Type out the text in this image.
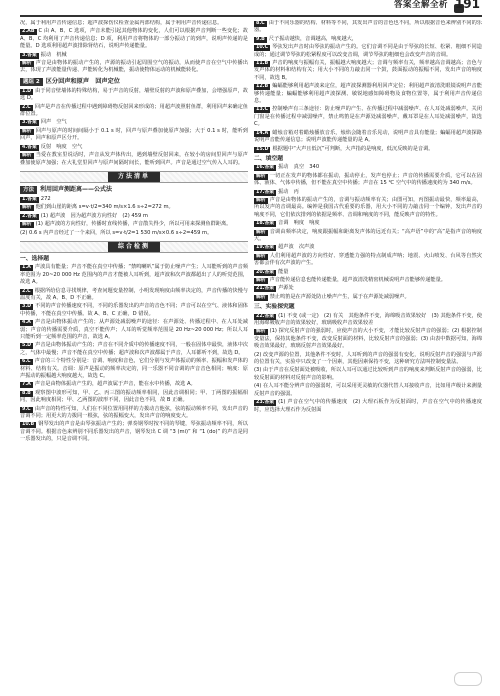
答案全解全析 191

况，属于利用声音传递信息；超声波探伤仪检查金属内部结构，属于利用声音传递信息。

2.AB C 由 A、B、C 选项，声音未能引起其他物体的变化，人们可以根据声音判断一些变化；故 A、B、C 均利用了声音传递信息；D 项，利用声音将物体的一部分振动了的到声，说明声传递的是能量。D 选项利用超声波排除肾结石，说明声传递能量。

3.答案 振动　机械

解析 声音是由物体的振动产生的，声源的振动引起周围空气的振动，从而使声音在空气中传播出去，体现了声波能量传递、声能转化为机械能，振动使物体运动的机械能转化。

题组 2 区分回声和原声　回声定位

1.D 由于同音壁墙体的特殊结构，易于声音的反射，墙壁反射的声波和原声叠加，会增强原声，故选 D。

2.C 回声是声音在传播过程中遇到障碍物反射回来形成的；用超声波照射鱼群，利用回声来确定鱼群位置。

3.答案 回声　空气

解析 回声与原声的时间间隔小于 0.1 s 时，回声与原声叠加使原声加强；大于 0.1 s 时，能听到回声，回声和原声区分开。

4.答案 反射　响度　空气

解析 当爱在教室里说话时，声音从发声体传出，遇到墙壁反射回来，在较小的房间里回声与原声叠加使原声加强；在大礼堂里回声与原声间隔时间长，能听到回声。声音是通过空气传入人耳的。

方法清单
方法 利用回声测距离——公式法

1.答案 272

解析 他们到山崖的距离 s=v·t/2=340 m/s×1.6 s÷2=272 m。

2.答案 (1) 超声波　因为超声波方向性好　(2) 459 m

解析 (1) 超声波的方向性好，传播时直线传播，声音散失得少，所以可用来探测鱼群距离。

(2) 0.6 s 内声音经过了一个来回，所以 s=v·t/2=1 530 m/s×0.6 s÷2=459 m。

综合检测
一、选择题

1.A 声波具有能量；声音不能在真空中传播；“禁鸣喇叭”属于防止噪声产生；人耳能听到的声音频率范围为 20~20 000 Hz 范围内的声音才能被人耳听到，超声波和次声波都超出了人的听觉范围，故选 A。

2.C 根据所给信息寻找规律，考查问题变量控制，小明发现响度由频率决定的，声音传播的快慢与温度有关，故 A、B、D 不正确。

3.D 不同的声音传播速度不同，不同的乐器发出的声音的音色不同；声音可以在空气、液体和固体中传播，不能在真空中传播。故 A、B、C 正确，D 错误。

4.A 声音是由物体振动产生的；从声源处减弱噪声的途径：在声源处、传播过程中、在人耳处减弱；声音的传播需要介质，真空不能传声；人耳的听觉频率范围是 20 Hz~20 000 Hz；所以人耳只能听到一定频率范围的声音，故选 A。

5.D 声音是由物体振动产生的；声音在不同介质中的传播速度不同，一般在固体中最快，液体中次之，气体中最慢；声音不能在真空中传播；超声波和次声波都属于声音，人耳都听不到，故选 D。

6.C 声音的三个特性分别是：音调、响度和音色，它们分别与发声体振动的频率、振幅和发声体的材料、结构有关。音调：原声是振动的频率决定的，同一乐器不同音调的声音音色相同；响度：原声振动的振幅越大响度越大，故选 C。

7.A 声音是由物体振动产生的，超声波属于声音，能在水中传播，故选 A。

8.B 观察图中波形可知，甲、乙、丙三图的振动频率相同，因此音调相同；甲、丁两图的振幅相同，因此响度相同；甲、乙两图的波形不同，因此音色不同，故 B 正确。

9.C 由声音的特性可知，人们在不同位置用同样的力拨动吉他弦，弦的振动频率不同，发出声音的音调不同；用更大的力拨同一根弦，弦的振幅变大，发出声音的响度变大。

10.B 钢琴发出的声音是由琴弦振动产生的；弹奏钢琴时按不同的琴键，琴弦振动频率不同，所以音调不同。根据音色来辨别不同乐器发出的声音，钢琴发出 C 调 “3 (mi)” 和 “1 (do)” 的声音是同一乐器发出的，只是音调不同。

8.C 由于不同乐器的结构、材料等不同，其发出声音的音色也不同，所以根据音色来辨别不同的乐器。

9.B 尺子振动越快，音调越高，响度越大，

10.C 琴弦发出声音时由琴弦的振动产生的。它们音调不同是由于琴弦的长短、松紧、粗细不同造成的；通过调节琴弦的松紧程度可以改变音调，调节琴弦的粗细也会改变声音的音调。

11.B 声音的响度与振幅有关，振幅越大响度越大；音调与频率有关，频率越高音调越高；音色与发声体的材料和结构有关；用大小不同的力敲击同一个鼓，鼓面振动的振幅不同，发出声音的响度不同，故选 B。

12.B 蝙蝠能够利用超声波来定位，超声波探测器利用回声定位；利用超声波清洗眼镜说明声音能够传递能量；蝙蝠能够利用超声波探测、敏锐地感知障碍物及食物位置等，属于利用声音传递信息。

13.C 控制噪声有三条途径：防止噪声的产生、在传播过程中减弱噪声、在人耳处减弱噪声。关闭门窗是在传播过程中减弱噪声，禁止鸣笛是在声源处减弱噪声，戴耳罩是在人耳处减弱噪声，故选 C。

14.A 蜡烛音箱对着蜡烛播放音乐，烛焰会随着音乐晃动，说明声音具有能量；蝙蝠用超声波探路说明声音能传递信息；说明声波能传递能量的是 A。

15.D 根据题中“大声且低沉”可判断，大声指的是响度，低沉反映的是音调。

二、填空题

16.答案 振动　真空　340

解析 一切正在发声的物体都在振动，振动停止，发声也停止；声音的传播需要介质，它可以在固体、液体、气体中传播，但不能在真空中传播；声音在 15 ℃ 空气中的传播速度约为 340 m/s。

17.答案 振动　丙

解析 声音是由物体的振动产生的，音调与振动频率有关；由图可知，丙图振动最快，频率最高，所以发声的音调最高。编钟是我国古代重要的乐器，用大小不同的力敲击同一个编钟，发出声音的响度不同，它们依次排列的依据是频率、音调和响度的不同，能反映声音的特性。

18.答案 音调　响度　响度

解析 音调由频率决定，响度跟振幅和距离发声体的远近有关；“高声语”中的“高”是指声音的响度大。

19.答案 超声波　次声波

解析 人们利用超声波的方向性好、穿透能力强的特点制成声呐；地震、火山喷发、台风等自然灾害都会伴有次声波的产生。

20.答案 能量

解析 声音能传递信息也能传递能量，超声波清洗精密机械说明声音能够传递能量。

21.答案 声源处

解析 禁止鸣笛是在声源处防止噪声产生，属于在声源处减弱噪声。

三、实验探究题

22.答案 (1) 不变 (或一定)　(2) 有关　其他条件不变，海绵吸音效果较好　(3) 其他条件不变，使用海绵吸收声音的效果较好，玻璃吸收声音效果较差

解析 (1) 探究反射声音的强弱时，应使声音的大小不变，才能比较反射声音的强弱；(2) 根据控制变量法，保持其他条件不变，改变反射面的材料，比较反射声音的强弱；(3) 由表中数据可知，海绵吸音效果最好，玻璃反射声音效果最好。

(2) 改变声源的位置，其他条件不变时，人耳听到的声音的强弱有变化，说明反射声音的强弱与声源的位置有关，实验中只改变了一个因素，其他因素保持不变，这种研究方法叫控制变量法。

(3) 由于声音在反射面处被吸收，所以人耳可以通过比较听到声音的响度来判断反射声音的强弱，比较反射面的材料对反射声音的影响。

(4) 在人耳不能分辨声音的强弱时，可以采用更灵敏的仪器代替人耳接收声音，比如用声级计来测量反射声音的强弱。

23.答案 (1) 声音在空气中的传播速度　(2) 大理石板作为反射面时，声音在空气中的传播速度时，应选择大理石作为反射面
